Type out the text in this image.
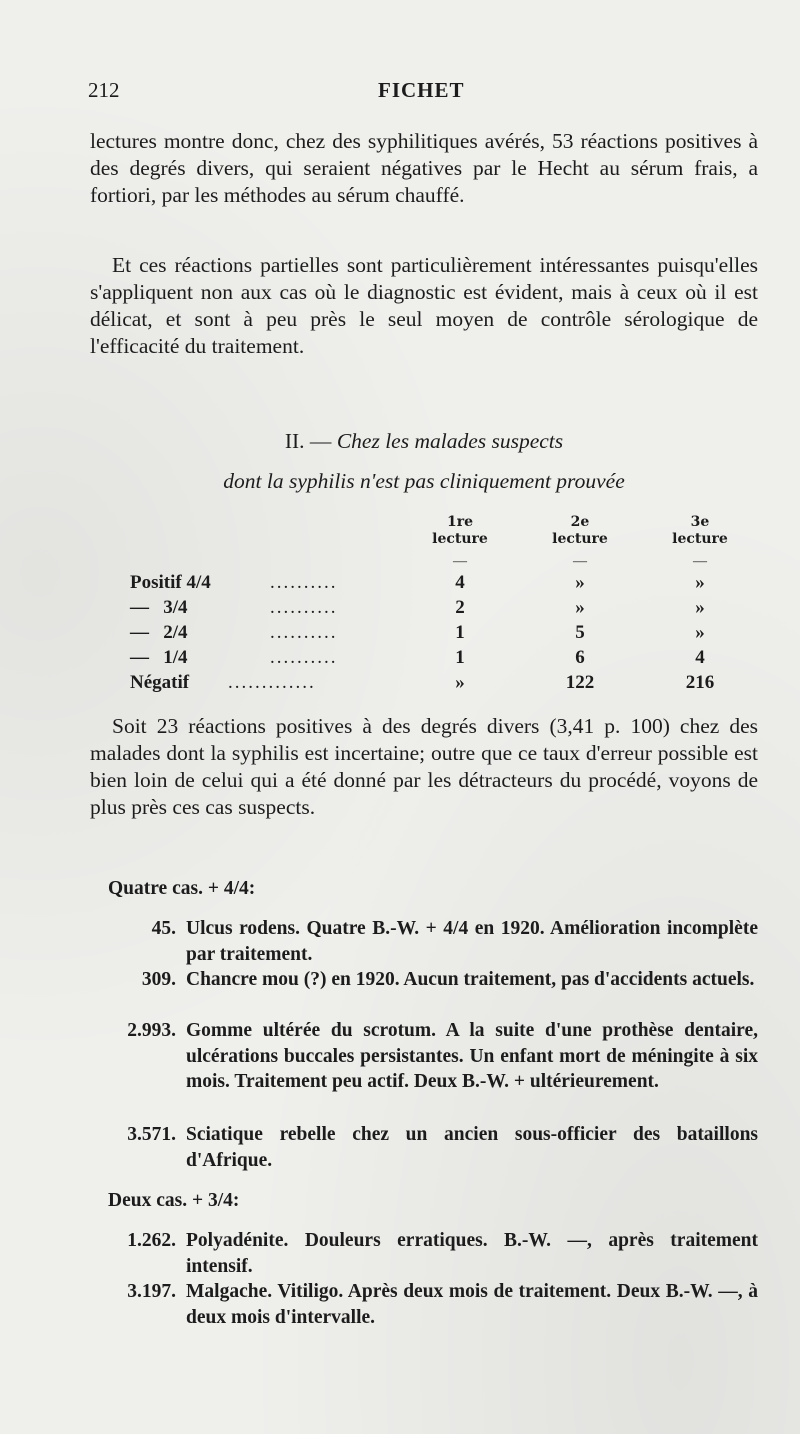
212	FICHET
lectures montre donc, chez des syphilitiques avérés, 53 réactions positives à des degrés divers, qui seraient négatives par le Hecht au sérum frais, a fortiori, par les méthodes au sérum chauffé.
Et ces réactions partielles sont particulièrement intéressantes puisqu'elles s'appliquent non aux cas où le diagnostic est évident, mais à ceux où il est délicat, et sont à peu près le seul moyen de contrôle sérologique de l'efficacité du traitement.
II. — Chez les malades suspects
dont la syphilis n'est pas cliniquement prouvée
1re
lecture
2e
lecture
3e
lecture
—	—	—
Positif 4/4	..........	4	»	»
—   3/4	..........	2	»	»
—   2/4	..........	1	5	»
—   1/4	..........	1	6	4
Négatif .............	»	122	216
Soit 23 réactions positives à des degrés divers (3,41 p. 100) chez des malades dont la syphilis est incertaine; outre que ce taux d'erreur possible est bien loin de celui qui a été donné par les détracteurs du procédé, voyons de plus près ces cas suspects.
Quatre cas. + 4/4:
45. Ulcus rodens. Quatre B.-W. + 4/4 en 1920. Amélioration incomplète par traitement.
309. Chancre mou (?) en 1920. Aucun traitement, pas d'accidents actuels.
2.993. Gomme ultérée du scrotum. A la suite d'une prothèse dentaire, ulcérations buccales persistantes. Un enfant mort de méningite à six mois. Traitement peu actif. Deux B.-W. + ultérieurement.
3.571. Sciatique rebelle chez un ancien sous-officier des bataillons d'Afrique.
Deux cas. + 3/4:
1.262. Polyadénite. Douleurs erratiques. B.-W. —, après traitement intensif.
3.197. Malgache. Vitiligo. Après deux mois de traitement. Deux B.-W. —, à deux mois d'intervalle.
